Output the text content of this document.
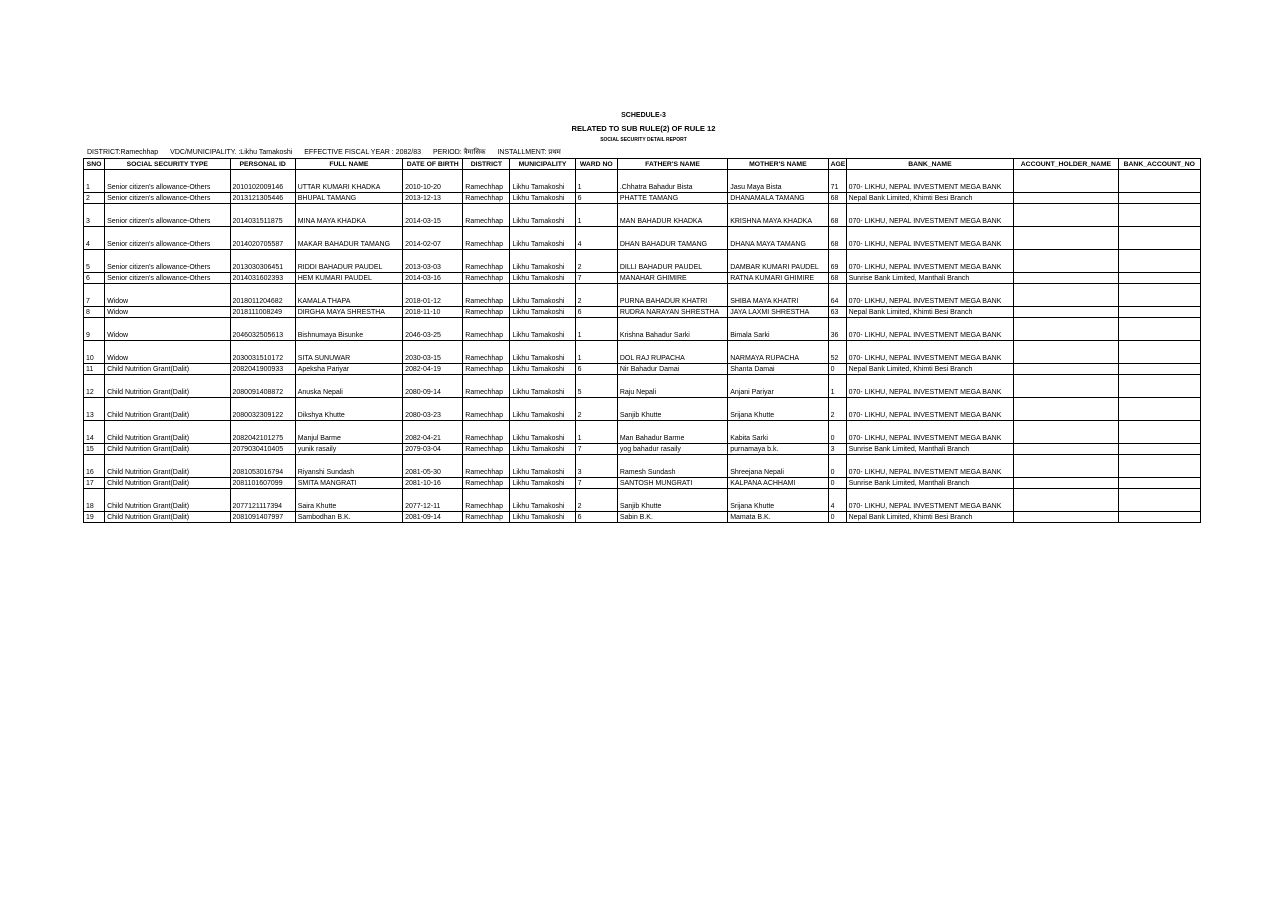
SCHEDULE-3
RELATED TO SUB RULE(2) OF RULE 12
SOCIAL SECURITY DETAIL REPORT
DISTRICT:Ramechhap VDC/MUNICIPALITY. :Likhu Tamakoshi EFFECTIVE FISCAL YEAR : 2082/83 PERIOD: त्रैमासिक INSTALLMENT: प्रथम
SNO	SOCIAL SECURITY TYPE	PERSONAL ID	FULL NAME	DATE OF BIRTH	DISTRICT	MUNICIPALITY	WARD NO	FATHER'S NAME	MOTHER'S NAME	AGE	BANK_NAME	ACCOUNT_HOLDER_NAME	BANK_ACCOUNT_NO
1	Senior citizen's allowance-Others	2010102009146	UTTAR KUMARI KHADKA	2010-10-20	Ramechhap	Likhu Tamakoshi	1	.Chhatra Bahadur Bista	Jasu Maya Bista	71	070- LIKHU, NEPAL INVESTMENT MEGA BANK		
2	Senior citizen's allowance-Others	2013121305446	BHUPAL TAMANG	2013-12-13	Ramechhap	Likhu Tamakoshi	6	PHATTE TAMANG	DHANAMALA TAMANG	68	Nepal Bank Limited, Khimti Besi Branch		
3	Senior citizen's allowance-Others	2014031511875	MINA MAYA KHADKA	2014-03-15	Ramechhap	Likhu Tamakoshi	1	MAN BAHADUR KHADKA	KRISHNA MAYA KHADKA	68	070- LIKHU, NEPAL INVESTMENT MEGA BANK		
4	Senior citizen's allowance-Others	2014020705587	MAKAR BAHADUR TAMANG	2014-02-07	Ramechhap	Likhu Tamakoshi	4	DHAN BAHADUR TAMANG	DHANA MAYA TAMANG	68	070- LIKHU, NEPAL INVESTMENT MEGA BANK		
5	Senior citizen's allowance-Others	2013030306451	RIDDI BAHADUR PAUDEL	2013-03-03	Ramechhap	Likhu Tamakoshi	2	DILLI BAHADUR PAUDEL	DAMBAR KUMARI PAUDEL	69	070- LIKHU, NEPAL INVESTMENT MEGA BANK		
6	Senior citizen's allowance-Others	2014031602393	HEM KUMARI PAUDEL	2014-03-16	Ramechhap	Likhu Tamakoshi	7	MANAHAR GHIMIRE	RATNA KUMARI GHIMIRE	68	Sunrise Bank Limited, Manthali Branch		
7	Widow	2018011204682	KAMALA THAPA	2018-01-12	Ramechhap	Likhu Tamakoshi	2	PURNA BAHADUR KHATRI	SHIBA MAYA KHATRI	64	070- LIKHU, NEPAL INVESTMENT MEGA BANK		
8	Widow	2018111008249	DIRGHA MAYA SHRESTHA	2018-11-10	Ramechhap	Likhu Tamakoshi	6	RUDRA NARAYAN SHRESTHA	JAYA LAXMI SHRESTHA	63	Nepal Bank Limited, Khimti Besi Branch		
9	Widow	2046032505613	Bishnumaya Bisunke	2046-03-25	Ramechhap	Likhu Tamakoshi	1	Krishna Bahadur Sarki	Bimala Sarki	36	070- LIKHU, NEPAL INVESTMENT MEGA BANK		
10	Widow	2030031510172	SITA SUNUWAR	2030-03-15	Ramechhap	Likhu Tamakoshi	1	DOL RAJ RUPACHA	NARMAYA RUPACHA	52	070- LIKHU, NEPAL INVESTMENT MEGA BANK		
11	Child Nutrition Grant(Dalit)	2082041900933	Apeksha Pariyar	2082-04-19	Ramechhap	Likhu Tamakoshi	6	Nir Bahadur Damai	Shanta Damai	0	Nepal Bank Limited, Khimti Besi Branch		
12	Child Nutrition Grant(Dalit)	2080091408872	Anuska Nepali	2080-09-14	Ramechhap	Likhu Tamakoshi	5	Raju Nepali	Anjani Pariyar	1	070- LIKHU, NEPAL INVESTMENT MEGA BANK		
13	Child Nutrition Grant(Dalit)	2080032309122	Dikshya Khutte	2080-03-23	Ramechhap	Likhu Tamakoshi	2	Sanjib Khutte	Srijana Khutte	2	070- LIKHU, NEPAL INVESTMENT MEGA BANK		
14	Child Nutrition Grant(Dalit)	2082042101275	Manjul Barme	2082-04-21	Ramechhap	Likhu Tamakoshi	1	Man Bahadur Barme	Kabita Sarki	0	070- LIKHU, NEPAL INVESTMENT MEGA BANK		
15	Child Nutrition Grant(Dalit)	2079030410405	yunik rasaily	2079-03-04	Ramechhap	Likhu Tamakoshi	7	yog bahadur rasaily	purnamaya b.k.	3	Sunrise Bank Limited, Manthali Branch		
16	Child Nutrition Grant(Dalit)	2081053016794	Riyanshi Sundash	2081-05-30	Ramechhap	Likhu Tamakoshi	3	Ramesh Sundash	Shreejana Nepali	0	070- LIKHU, NEPAL INVESTMENT MEGA BANK		
17	Child Nutrition Grant(Dalit)	2081101607099	SMITA MANGRATI	2081-10-16	Ramechhap	Likhu Tamakoshi	7	SANTOSH MUNGRATI	KALPANA ACHHAMI	0	Sunrise Bank Limited, Manthali Branch		
18	Child Nutrition Grant(Dalit)	2077121117394	Saira Khutte	2077-12-11	Ramechhap	Likhu Tamakoshi	2	Sanjib Khutte	Srijana Khutte	4	070- LIKHU, NEPAL INVESTMENT MEGA BANK		
19	Child Nutrition Grant(Dalit)	2081091407997	Sambodhan B.K.	2081-09-14	Ramechhap	Likhu Tamakoshi	6	Sabin B.K.	Mamata B.K.	0	Nepal Bank Limited, Khimti Besi Branch		
